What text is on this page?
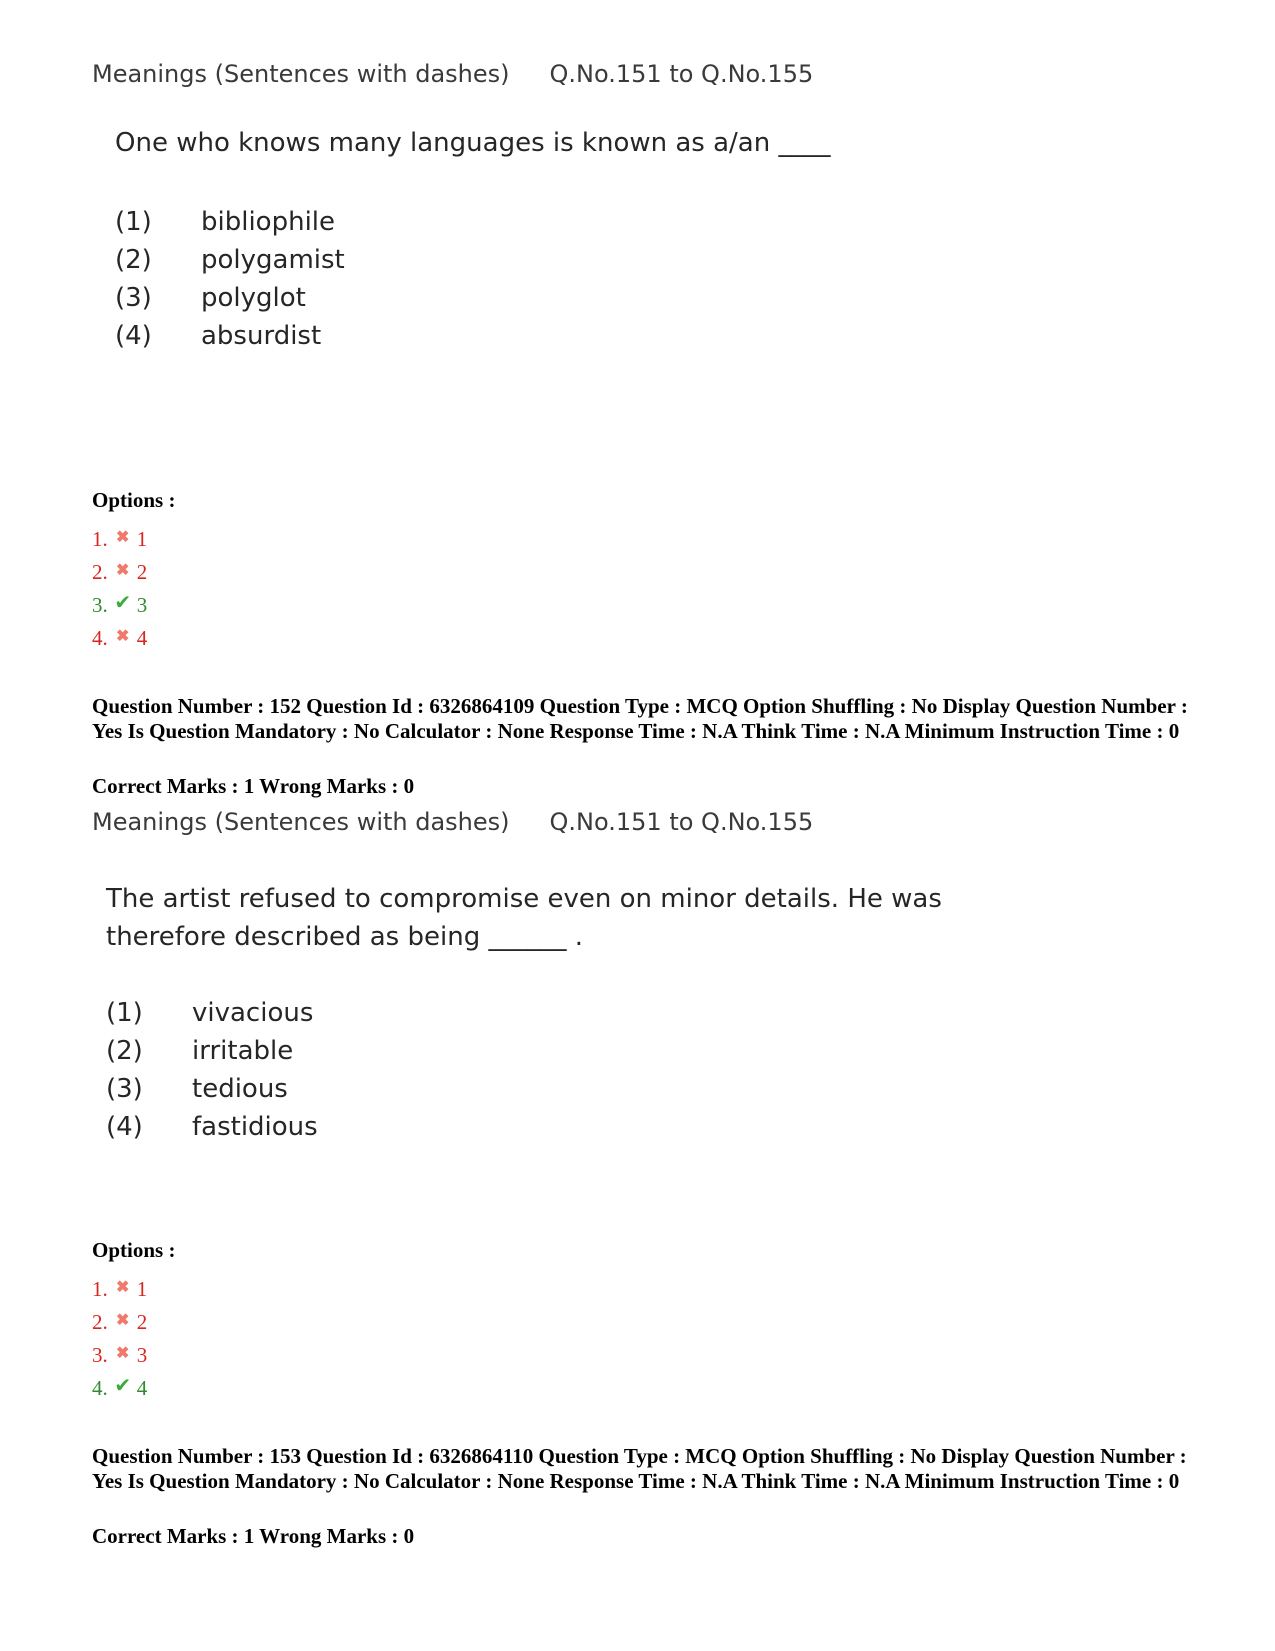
Meanings (Sentences with dashes) Q.No.151 to Q.No.155
One who knows many languages is known as a/an ____
(1) bibliophile
(2) polygamist
(3) polyglot
(4) absurdist
Options :
1. ✖ 1
2. ✖ 2
3. ✔ 3
4. ✖ 4
Question Number : 152 Question Id : 6326864109 Question Type : MCQ Option Shuffling : No Display Question Number : Yes Is Question Mandatory : No Calculator : None Response Time : N.A Think Time : N.A Minimum Instruction Time : 0
Correct Marks : 1 Wrong Marks : 0
Meanings (Sentences with dashes) Q.No.151 to Q.No.155
The artist refused to compromise even on minor details. He was
therefore described as being ______ .
(1) vivacious
(2) irritable
(3) tedious
(4) fastidious
Options :
1. ✖ 1
2. ✖ 2
3. ✖ 3
4. ✔ 4
Question Number : 153 Question Id : 6326864110 Question Type : MCQ Option Shuffling : No Display Question Number : Yes Is Question Mandatory : No Calculator : None Response Time : N.A Think Time : N.A Minimum Instruction Time : 0
Correct Marks : 1 Wrong Marks : 0
